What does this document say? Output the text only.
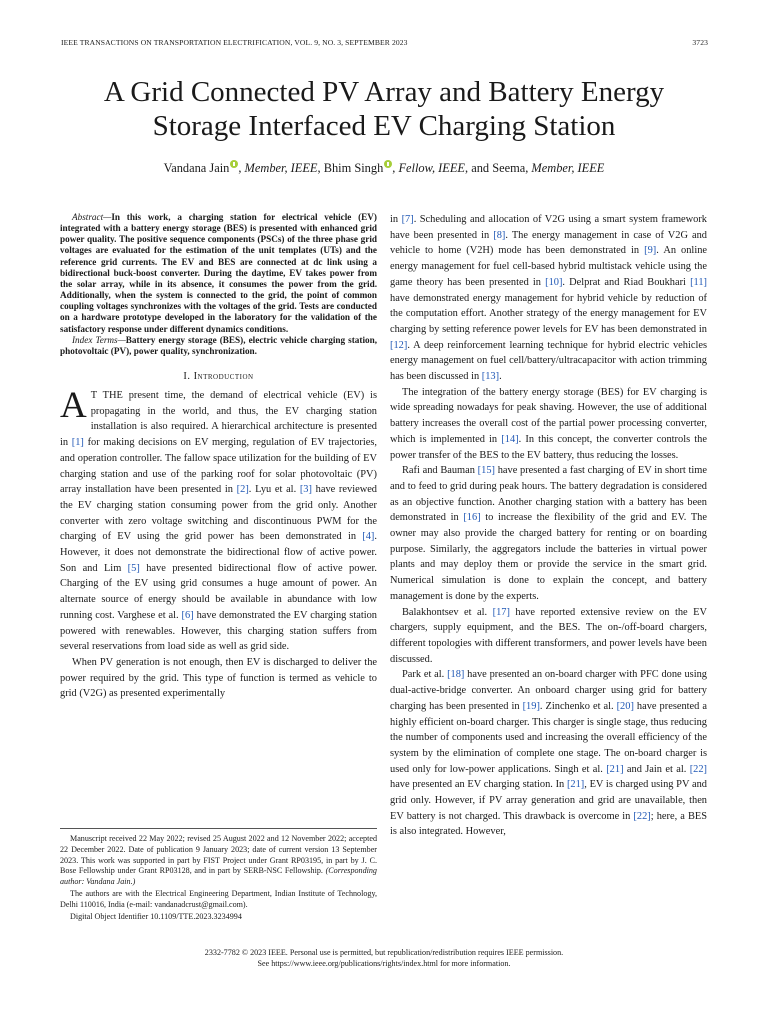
IEEE TRANSACTIONS ON TRANSPORTATION ELECTRIFICATION, VOL. 9, NO. 3, SEPTEMBER 2023	3723
A Grid Connected PV Array and Battery Energy
Storage Interfaced EV Charging Station
Vandana Jain , Member, IEEE, Bhim Singh , Fellow, IEEE, and Seema, Member, IEEE

Abstract—In this work, a charging station for electrical vehicle (EV) integrated with a battery energy storage (BES) is presented with enhanced grid power quality. The positive sequence components (PSCs) of the three phase grid voltages are evaluated for the estimation of the unit templates (UTs) and the reference grid currents. The EV and BES are connected at dc link using a bidirectional buck-boost converter. During the daytime, EV takes power from the solar array, while in its absence, it consumes the power from the grid. Additionally, when the system is connected to the grid, the point of common coupling voltages synchronizes with the voltages of the grid. Tests are conducted on a hardware prototype developed in the laboratory for the validation of the satisfactory response under different dynamics conditions.

Index Terms—Battery energy storage (BES), electric vehicle charging station, photovoltaic (PV), power quality, synchronization.

I. Introduction

A T THE present time, the demand of electrical vehicle (EV) is propagating in the world, and thus, the EV charging station installation is also required. A hierarchical architecture is presented in [1] for making decisions on EV merging, regulation of EV trajectories, and operation controller. The fallow space utilization for the building of EV charging station and use of the parking roof for solar photovoltaic (PV) array installation have been presented in [2]. Lyu et al. [3] have reviewed the EV charging station consuming power from the grid only. Another converter with zero voltage switching and discontinuous PWM for the charging of EV using the grid power has been demonstrated in [4]. However, it does not demonstrate the bidirectional flow of active power. Son and Lim [5] have presented bidirectional flow of active power. Charging of the EV using grid consumes a huge amount of power. An alternate source of energy should be available in abundance with low running cost. Varghese et al. [6] have demonstrated the EV charging station powered with renewables. However, this charging station suffers from several reservations from load side as well as grid side.

When PV generation is not enough, then EV is discharged to deliver the power required by the grid. This type of function is termed as vehicle to grid (V2G) as presented experimentally

Manuscript received 22 May 2022; revised 25 August 2022 and 12 November 2022; accepted 22 December 2022. Date of publication 9 January 2023; date of current version 13 September 2023. This work was supported in part by FIST Project under Grant RP03195, in part by J. C. Bose Fellowship under Grant RP03128, and in part by SERB-NSC Fellowship. (Corresponding author: Vandana Jain.)

The authors are with the Electrical Engineering Department, Indian Institute of Technology, Delhi 110016, India (e-mail: vandanadcrust@gmail.com).

Digital Object Identifier 10.1109/TTE.2023.3234994

in [7]. Scheduling and allocation of V2G using a smart system framework have been presented in [8]. The energy management in case of V2G and vehicle to home (V2H) mode has been demonstrated in [9]. An online energy management for fuel cell-based hybrid multistack vehicle using the game theory has been presented in [10]. Delprat and Riad Boukhari [11] have demonstrated energy management for hybrid vehicle by reduction of the computation effort. Another strategy of the energy management for EV charging by setting reference power levels for EV has been demonstrated in [12]. A deep reinforcement learning technique for hybrid electric vehicles energy management on fuel cell/battery/ultracapacitor with action trimming has been discussed in [13].

The integration of the battery energy storage (BES) for EV charging is wide spreading nowadays for peak shaving. However, the use of additional battery increases the overall cost of the partial power processing converter, which is implemented in [14]. In this concept, the converter controls the power transfer of the BES to the EV battery, thus reducing the losses.

Rafi and Bauman [15] have presented a fast charging of EV in short time and to feed to grid during peak hours. The battery degradation is considered as an objective function. Another charging station with a battery has been demonstrated in [16] to increase the flexibility of the grid and EV. The owner may also provide the charged battery for renting or on boarding purpose. Similarly, the aggregators include the batteries in virtual power plants and may deploy them or provide the service in the smart grid. Numerical simulation is done to explain the concept, and battery management is done by the experts.

Balakhontsev et al. [17] have reported extensive review on the EV chargers, supply equipment, and the BES. The on-/off-board chargers, different topologies with different transformers, and power levels have been discussed.

Park et al. [18] have presented an on-board charger with PFC done using dual-active-bridge converter. An onboard charger using grid for battery charging has been presented in [19]. Zinchenko et al. [20] have presented a highly efficient on-board charger. This charger is single stage, thus reducing the number of components used and increasing the overall efficiency of the system by the elimination of complete one stage. The on-board charger is used only for low-power applications. Singh et al. [21] and Jain et al. [22] have presented an EV charging station. In [21], EV is charged using PV and grid only. However, if PV array generation and grid are unavailable, then EV battery is not charged. This drawback is overcome in [22]; here, a BES is also integrated. However,

2332-7782 © 2023 IEEE. Personal use is permitted, but republication/redistribution requires IEEE permission.
See https://www.ieee.org/publications/rights/index.html for more information.
